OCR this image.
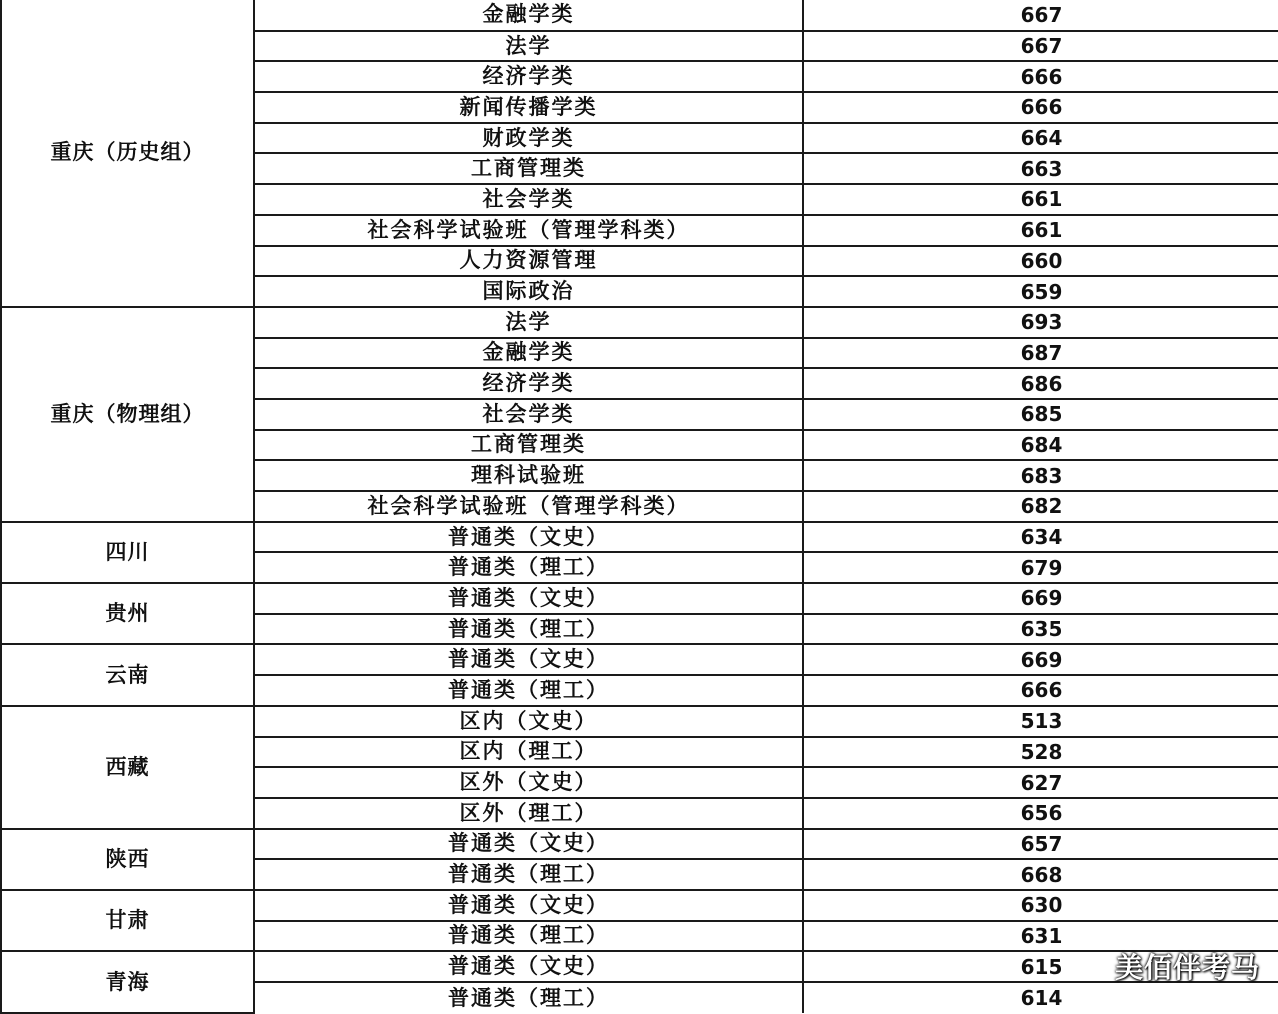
重庆（历史组）	金融学类	667
	法学	667
	经济学类	666
	新闻传播学类	666
	财政学类	664
	工商管理类	663
	社会学类	661
	社会科学试验班（管理学科类）	661
	人力资源管理	660
	国际政治	659
重庆（物理组）	法学	693
	金融学类	687
	经济学类	686
	社会学类	685
	工商管理类	684
	理科试验班	683
	社会科学试验班（管理学科类）	682
四川	普通类（文史）	634
	普通类（理工）	679
贵州	普通类（文史）	669
	普通类（理工）	635
云南	普通类（文史）	669
	普通类（理工）	666
西藏	区内（文史）	513
	区内（理工）	528
	区外（文史）	627
	区外（理工）	656
陕西	普通类（文史）	657
	普通类（理工）	668
甘肃	普通类（文史）	630
	普通类（理工）	631
青海	普通类（文史）	615
	普通类（理工）	614
美佰伴考马
